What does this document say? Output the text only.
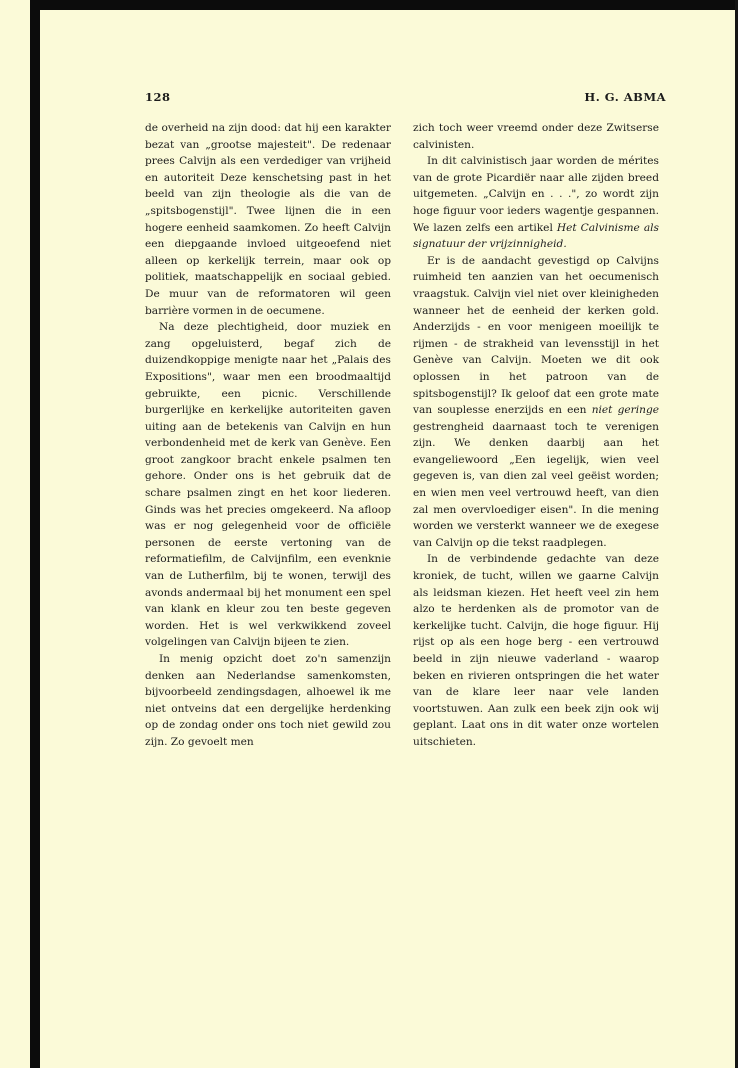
128	H. G. ABMA

de overheid na zijn dood: dat hij een karakter bezat van „grootse majesteit". De redenaar prees Calvijn als een verdediger van vrijheid en autoriteit Deze kenschetsing past in het beeld van zijn theologie als die van de „spitsbogenstijl". Twee lijnen die in een hogere eenheid saamkomen. Zo heeft Calvijn een diepgaande invloed uitgeoefend niet alleen op kerkelijk terrein, maar ook op politiek, maatschappelijk en sociaal gebied. De muur van de reformatoren wil geen barrière vormen in de oecumene.

Na deze plechtigheid, door muziek en zang opgeluisterd, begaf zich de duizendkoppige menigte naar het „Palais des Expositions", waar men een broodmaaltijd gebruikte, een picnic. Verschillende burgerlijke en kerkelijke autoriteiten gaven uiting aan de betekenis van Calvijn en hun verbondenheid met de kerk van Genève. Een groot zangkoor bracht enkele psalmen ten gehore. Onder ons is het gebruik dat de schare psalmen zingt en het koor liederen. Ginds was het precies omgekeerd. Na afloop was er nog gelegenheid voor de officiële personen de eerste vertoning van de reformatiefilm, de Calvijnfilm, een evenknie van de Lutherfilm, bij te wonen, terwijl des avonds andermaal bij het monument een spel van klank en kleur zou ten beste gegeven worden. Het is wel verkwikkend zoveel volgelingen van Calvijn bijeen te zien.

In menig opzicht doet zo'n samenzijn denken aan Nederlandse samenkomsten, bijvoorbeeld zendingsdagen, alhoewel ik me niet ontveins dat een dergelijke herdenking op de zondag onder ons toch niet gewild zou zijn. Zo gevoelt men

zich toch weer vreemd onder deze Zwitserse calvinisten.

In dit calvinistisch jaar worden de mérites van de grote Picardiër naar alle zijden breed uitgemeten. „Calvijn en . . .", zo wordt zijn hoge figuur voor ieders wagentje gespannen. We lazen zelfs een artikel Het Calvinisme als signatuur der vrijzinnigheid.

Er is de aandacht gevestigd op Calvijns ruimheid ten aanzien van het oecumenisch vraagstuk. Calvijn viel niet over kleinigheden wanneer het de eenheid der kerken gold. Anderzijds - en voor menigeen moeilijk te rijmen - de strakheid van levensstijl in het Genève van Calvijn. Moeten we dit ook oplossen in het patroon van de spitsbogenstijl? Ik geloof dat een grote mate van souplesse enerzijds en een niet geringe gestrengheid daarnaast toch te verenigen zijn. We denken daarbij aan het evangeliewoord „Een iegelijk, wien veel gegeven is, van dien zal veel geëist worden; en wien men veel vertrouwd heeft, van dien zal men overvloediger eisen". In die mening worden we versterkt wanneer we de exegese van Calvijn op die tekst raadplegen.

In de verbindende gedachte van deze kroniek, de tucht, willen we gaarne Calvijn als leidsman kiezen. Het heeft veel zin hem alzo te herdenken als de promotor van de kerkelijke tucht. Calvijn, die hoge figuur. Hij rijst op als een hoge berg - een vertrouwd beeld in zijn nieuwe vaderland - waarop beken en rivieren ontspringen die het water van de klare leer naar vele landen voortstuwen. Aan zulk een beek zijn ook wij geplant. Laat ons in dit water onze wortelen uitschieten.
